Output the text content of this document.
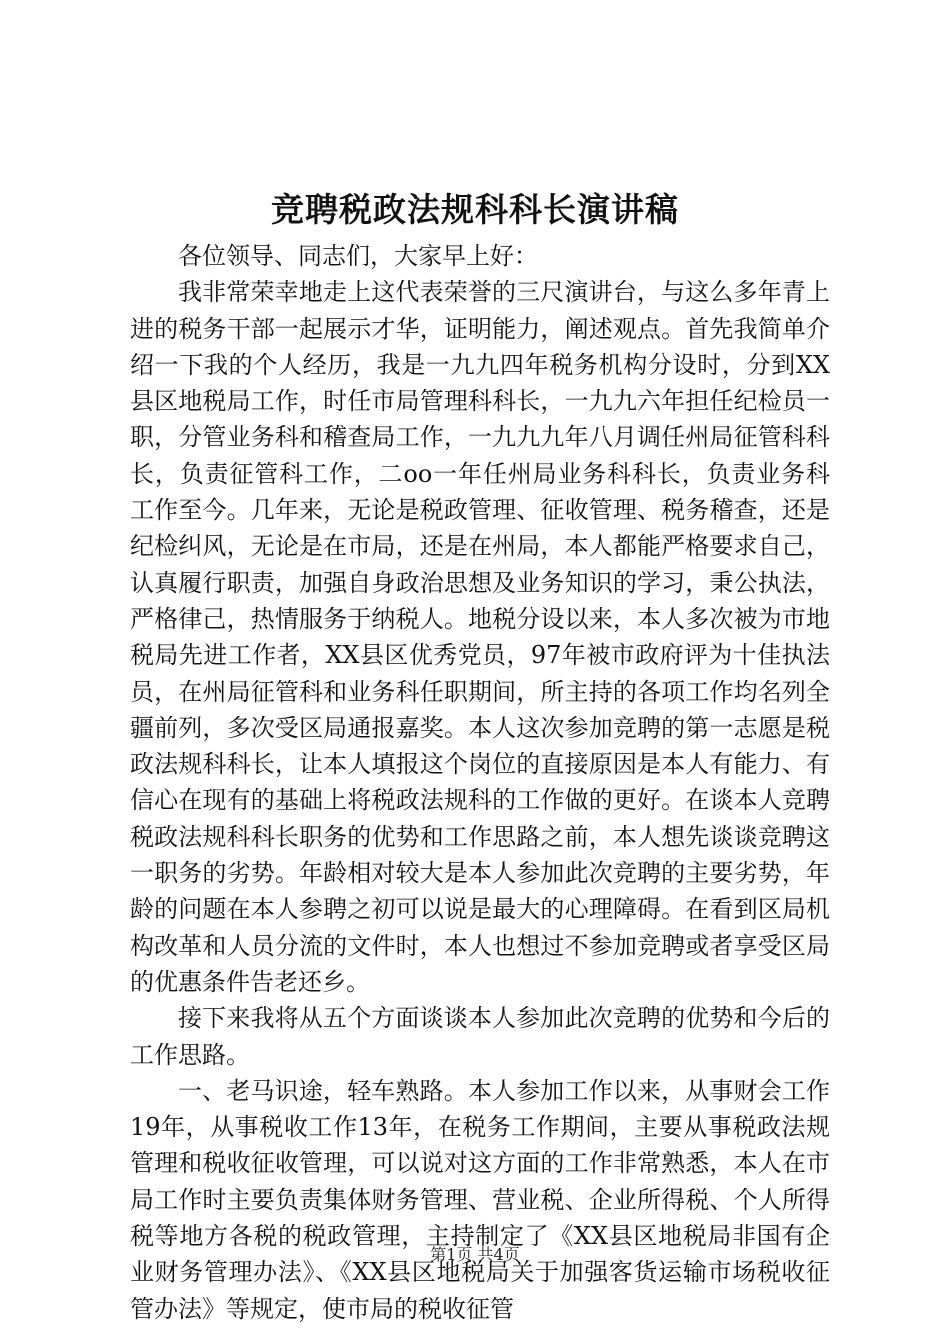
竞聘税政法规科科长演讲稿

各位领导、同志们，大家早上好：

我非常荣幸地走上这代表荣誉的三尺演讲台，与这么多年青上进的税务干部一起展示才华，证明能力，阐述观点。首先我简单介绍一下我的个人经历，我是一九九四年税务机构分设时，分到XX县区地税局工作，时任市局管理科科长，一九九六年担任纪检员一职，分管业务科和稽查局工作，一九九九年八月调任州局征管科科长，负责征管科工作，二oo一年任州局业务科科长，负责业务科工作至今。几年来，无论是税政管理、征收管理、税务稽查，还是纪检纠风，无论是在市局，还是在州局，本人都能严格要求自己，认真履行职责，加强自身政治思想及业务知识的学习，秉公执法，严格律己，热情服务于纳税人。地税分设以来，本人多次被为市地税局先进工作者，XX县区优秀党员，97年被市政府评为十佳执法员，在州局征管科和业务科任职期间，所主持的各项工作均名列全疆前列，多次受区局通报嘉奖。本人这次参加竞聘的第一志愿是税政法规科科长，让本人填报这个岗位的直接原因是本人有能力、有信心在现有的基础上将税政法规科的工作做的更好。在谈本人竞聘税政法规科科长职务的优势和工作思路之前，本人想先谈谈竞聘这一职务的劣势。年龄相对较大是本人参加此次竞聘的主要劣势，年龄的问题在本人参聘之初可以说是最大的心理障碍。在看到区局机构改革和人员分流的文件时，本人也想过不参加竞聘或者享受区局的优惠条件告老还乡。

接下来我将从五个方面谈谈本人参加此次竞聘的优势和今后的工作思路。

一、老马识途，轻车熟路。本人参加工作以来，从事财会工作19年，从事税收工作13年，在税务工作期间，主要从事税政法规管理和税收征收管理，可以说对这方面的工作非常熟悉，本人在市局工作时主要负责集体财务管理、营业税、企业所得税、个人所得税等地方各税的税政管理，主持制定了《XX县区地税局非国有企业财务管理办法》、《XX县区地税局关于加强客货运输市场税收征管办法》等规定，使市局的税收征管

第1页 共4页
